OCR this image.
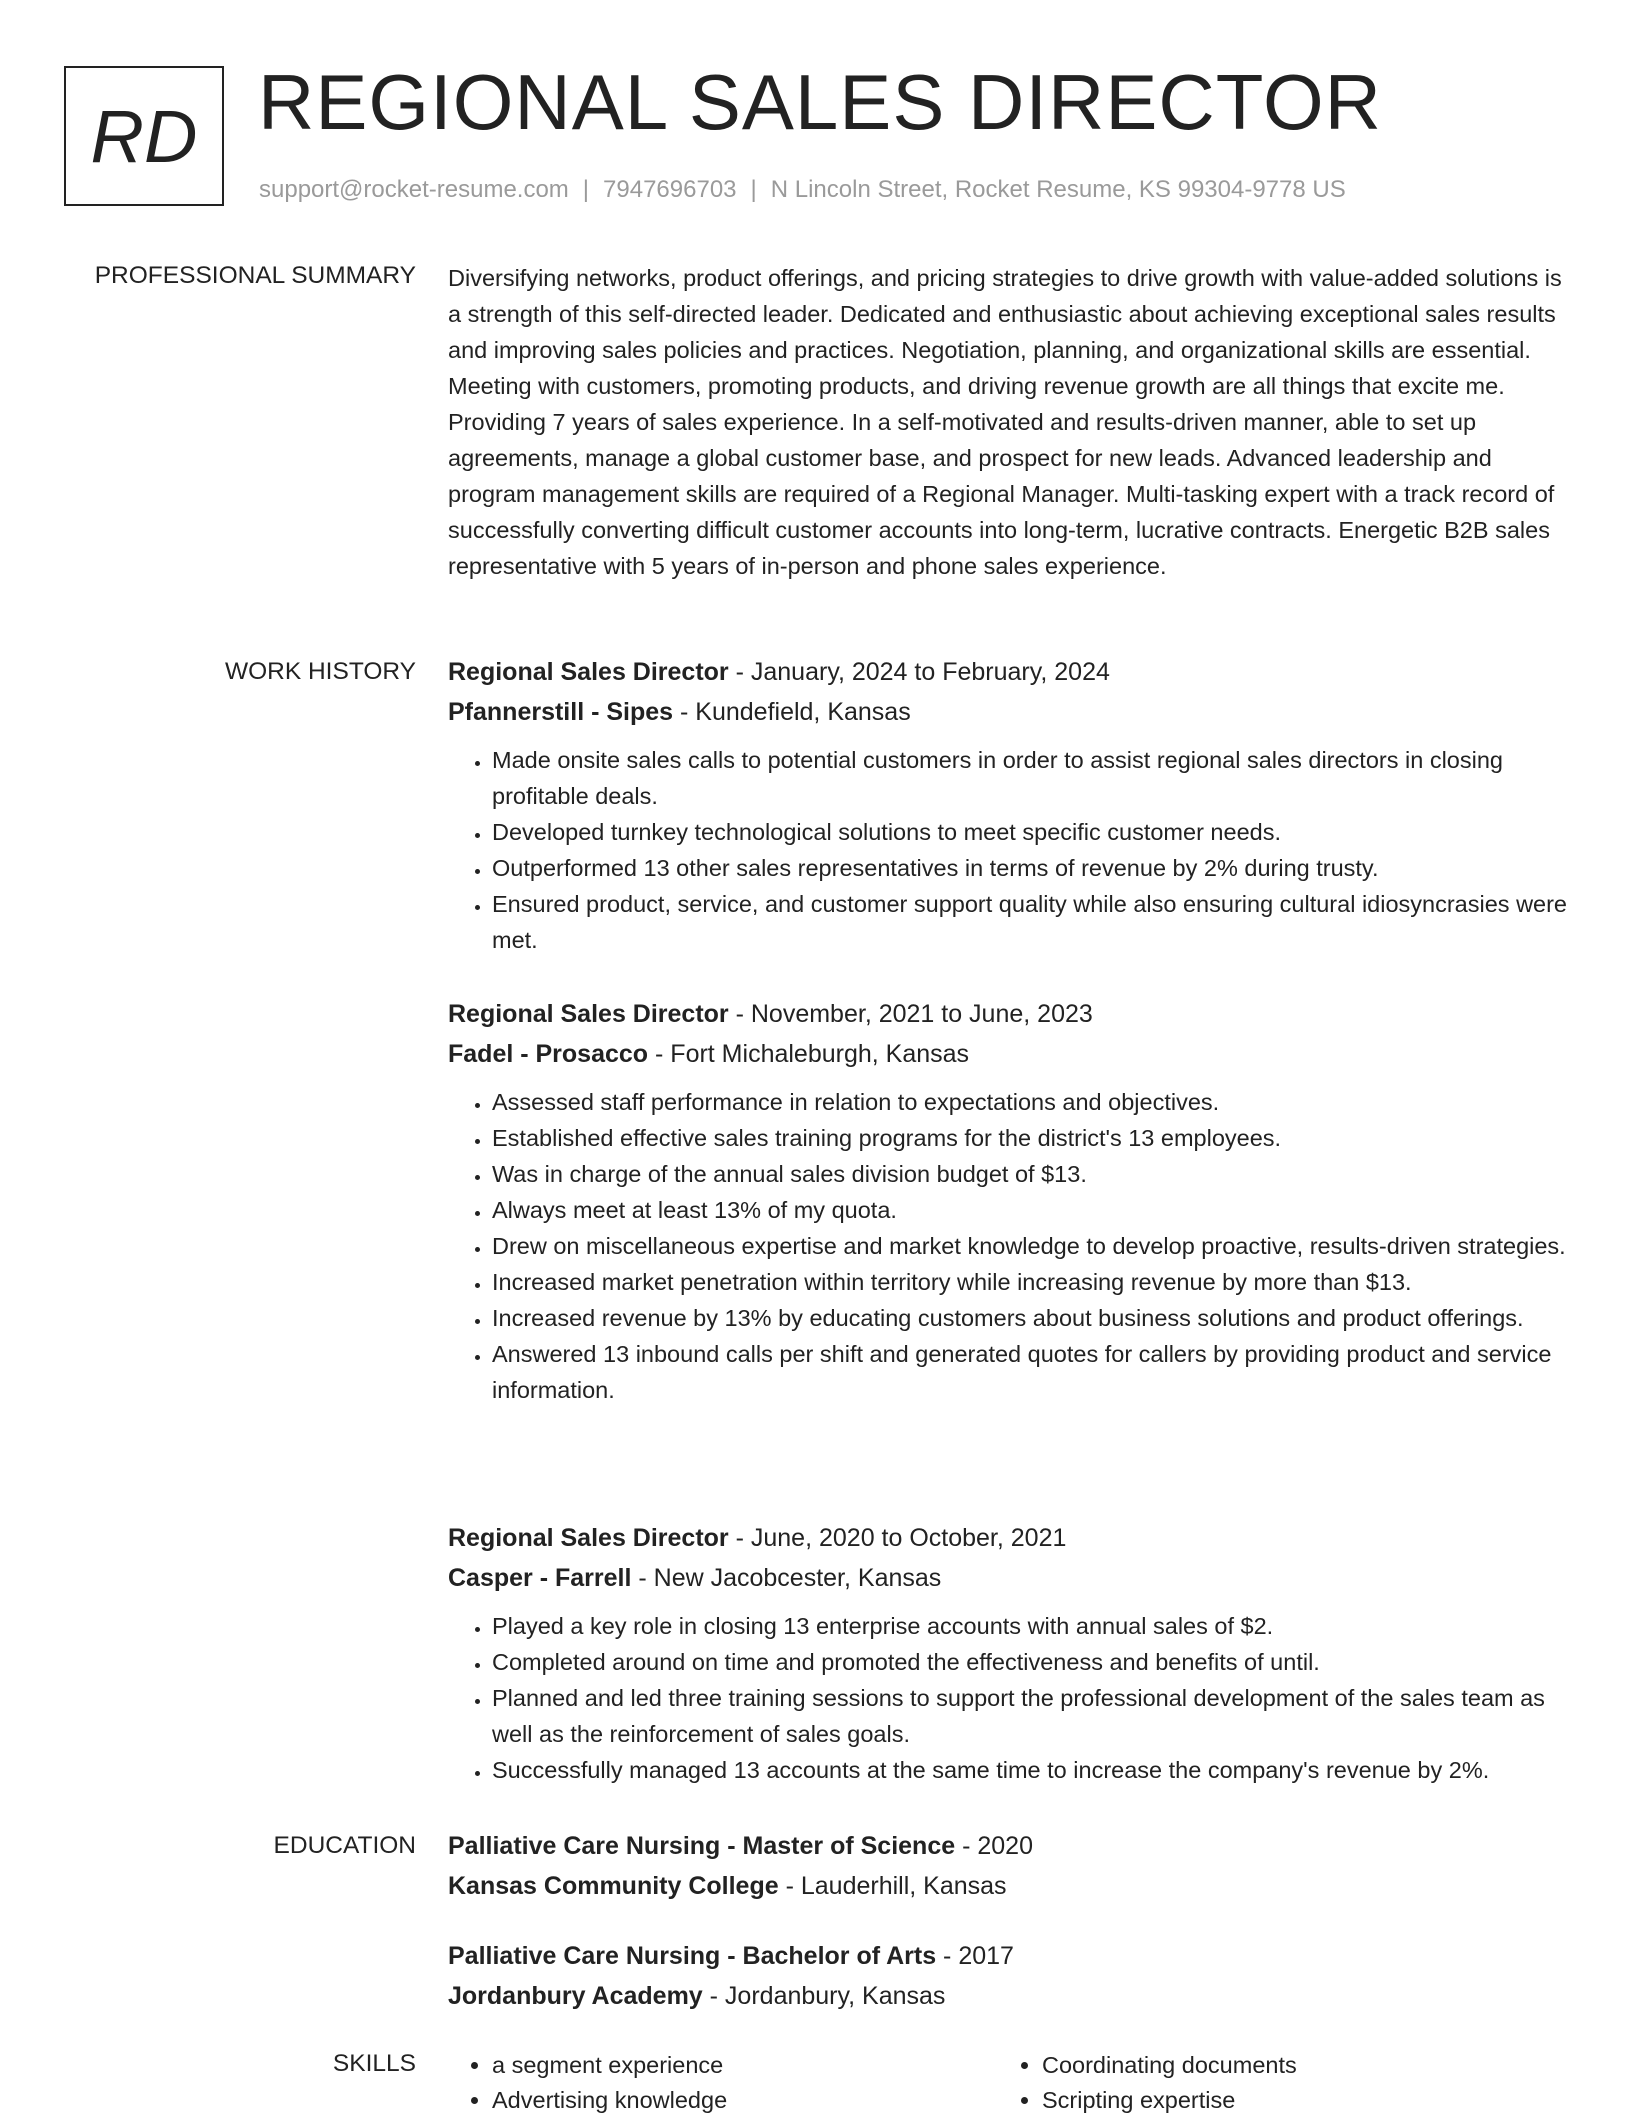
RD REGIONAL SALES DIRECTOR
support@rocket-resume.com | 7947696703 | N Lincoln Street, Rocket Resume, KS 99304-9778 US
PROFESSIONAL SUMMARY Diversifying networks, product offerings, and pricing strategies to drive growth with value-added solutions is a strength of this self-directed leader. Dedicated and enthusiastic about achieving exceptional sales results and improving sales policies and practices. Negotiation, planning, and organizational skills are essential. Meeting with customers, promoting products, and driving revenue growth are all things that excite me. Providing 7 years of sales experience. In a self-motivated and results-driven manner, able to set up agreements, manage a global customer base, and prospect for new leads. Advanced leadership and program management skills are required of a Regional Manager. Multi-tasking expert with a track record of successfully converting difficult customer accounts into long-term, lucrative contracts. Energetic B2B sales representative with 5 years of in-person and phone sales experience.

WORK HISTORY Regional Sales Director - January, 2024 to February, 2024
Pfannerstill - Sipes - Kundefield, Kansas
• Made onsite sales calls to potential customers in order to assist regional sales directors in closing profitable deals.
• Developed turnkey technological solutions to meet specific customer needs.
• Outperformed 13 other sales representatives in terms of revenue by 2% during trusty.
• Ensured product, service, and customer support quality while also ensuring cultural idiosyncrasies were met.
Regional Sales Director - November, 2021 to June, 2023
Fadel - Prosacco - Fort Michaleburgh, Kansas
• Assessed staff performance in relation to expectations and objectives.
• Established effective sales training programs for the district's 13 employees.
• Was in charge of the annual sales division budget of $13.
• Always meet at least 13% of my quota.
• Drew on miscellaneous expertise and market knowledge to develop proactive, results-driven strategies.
• Increased market penetration within territory while increasing revenue by more than $13.
• Increased revenue by 13% by educating customers about business solutions and product offerings.
• Answered 13 inbound calls per shift and generated quotes for callers by providing product and service information.
Regional Sales Director - June, 2020 to October, 2021
Casper - Farrell - New Jacobcester, Kansas
• Played a key role in closing 13 enterprise accounts with annual sales of $2.
• Completed around on time and promoted the effectiveness and benefits of until.
• Planned and led three training sessions to support the professional development of the sales team as well as the reinforcement of sales goals.
• Successfully managed 13 accounts at the same time to increase the company's revenue by 2%.
EDUCATION Palliative Care Nursing - Master of Science - 2020
Kansas Community College - Lauderhill, Kansas
Palliative Care Nursing - Bachelor of Arts - 2017
Jordanbury Academy - Jordanbury, Kansas
SKILLS
•	a segment experience
• Advertising knowledge
• Coordinating documents
• Scripting expertise
